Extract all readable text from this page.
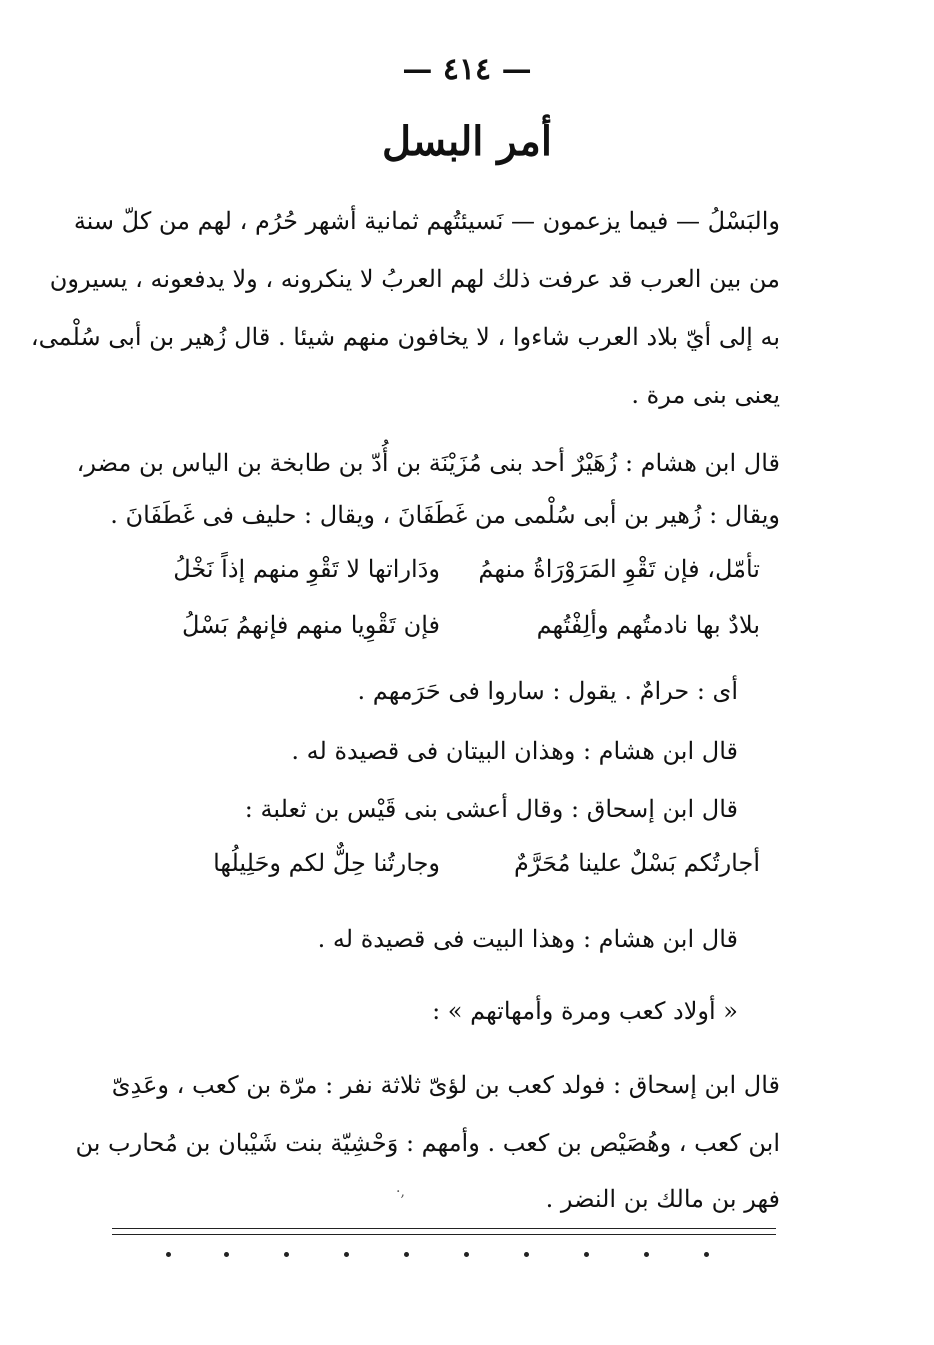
— ٤١٤ —
أمر البسل
والبَسْلُ — فيما يزعمون — نَسيئتُهم ثمانية أشهر حُرُم ، لهم من كلّ سنة
من بين العرب قد عرفت ذلك لهم العربُ لا ينكرونه ، ولا يدفعونه ، يسيرون
به إلى أيّ بلاد العرب شاءوا ، لا يخافون منهم شيئا . قال زُهير بن أبى سُلْمى،
يعنى بنى مرة .
قال ابن هشام : زُهَيْرٌ أحد بنى مُزَيْنَة بن أُدّ بن طابخة بن الياس بن مضر،
ويقال : زُهير بن أبى سُلْمى من غَطَفَانَ ، ويقال : حليف فى غَطَفَانَ .
تأمّل، فإن تَقْوِ المَرَوْرَاةُ منهمُ
ودَاراتها لا تَقْوِ منهم إذاً نَخْلُ
بلادٌ بها نادمتُهم وألِفْتُهم
فإن تَقْوِيا منهم فإنهمُ بَسْلُ
أى : حرامٌ . يقول : ساروا فى حَرَمهم .
قال ابن هشام : وهذان البيتان فى قصيدة له .
قال ابن إسحاق : وقال أعشى بنى قَيْس بن ثعلبة :
أجارتُكم بَسْلٌ علينا مُحَرَّمٌ
وجارتُنا حِلٌّ لكم وحَلِيلُها
قال ابن هشام : وهذا البيت فى قصيدة له .
« أولاد كعب ومرة وأمهاتهم » :
قال ابن إسحاق : فولد كعب بن لؤىّ ثلاثة نفر : مرّة بن كعب ، وعَدِىّ
ابن كعب ، وهُصَيْص بن كعب . وأمهم : وَحْشِيّة بنت شَيْبان بن مُحارب بن
فهر بن مالك بن النضر .
·,
